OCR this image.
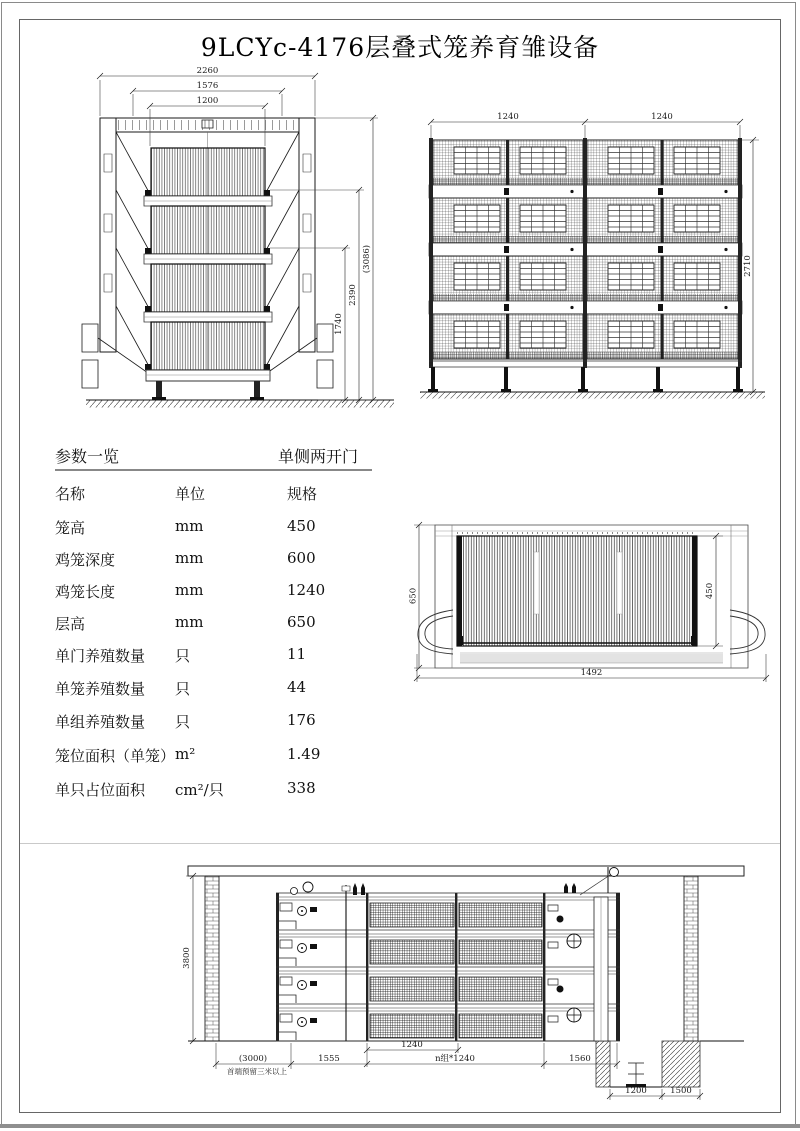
9LCYc-4176层叠式笼养育雏设备
2260
1576
1200
1740
2390
(3086)
1240	1240
2710
参数一览	单侧两开门
名称	单位	规格
笼高	mm	450
鸡笼深度	mm	600
鸡笼长度	mm	1240
层高	mm	650
单门养殖数量 只	11
单笼养殖数量 只	44
单组养殖数量 只	176
笼位面积（单笼） m²	1.49
单只占位面积 cm²/只	338
650	450
1492
3800
1240
(3000)	1555	n组*1240	1560
首端预留三米以上
1200	1500
